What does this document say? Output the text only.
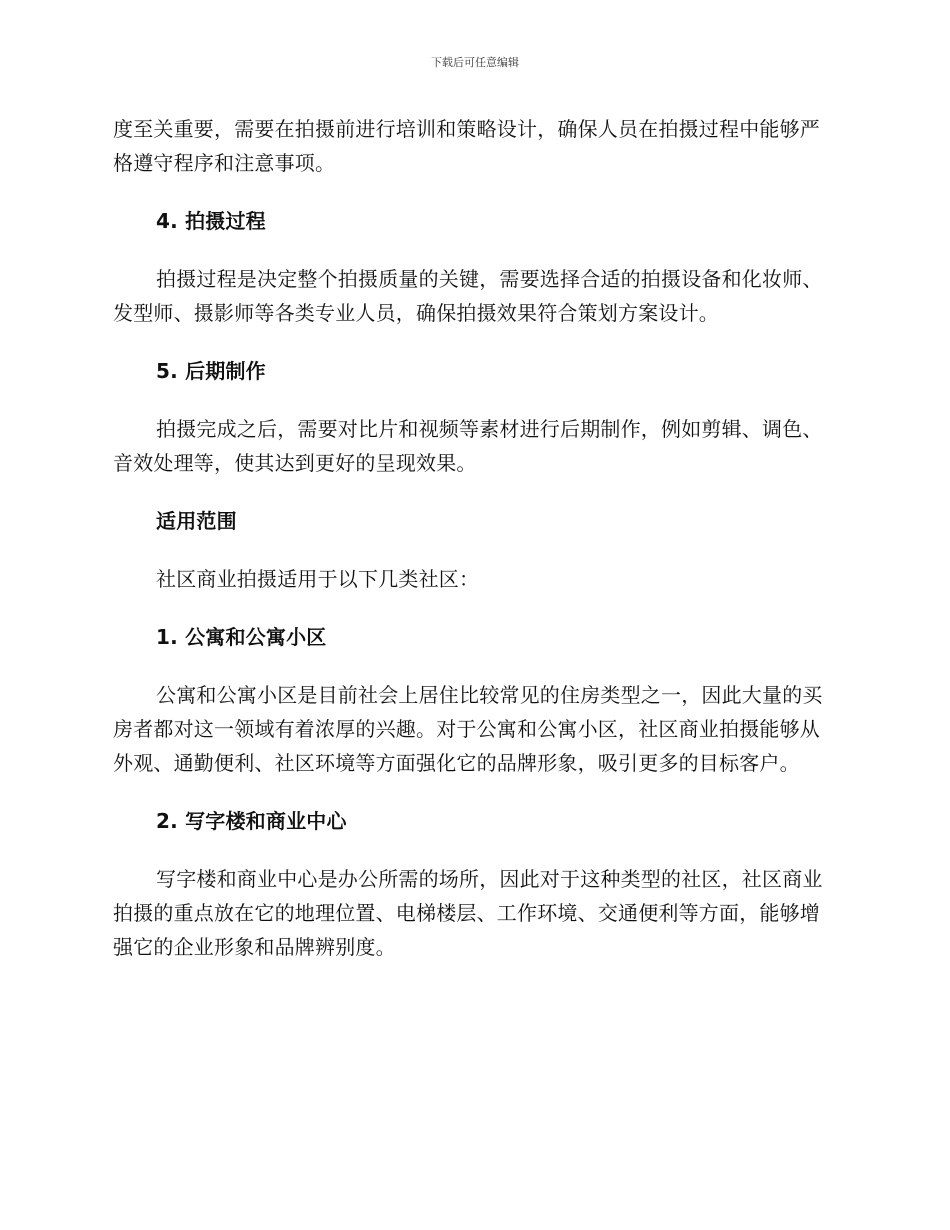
下载后可任意编辑

度至关重要，需要在拍摄前进行培训和策略设计，确保人员在拍摄过程中能够严格遵守程序和注意事项。

4. 拍摄过程

拍摄过程是决定整个拍摄质量的关键，需要选择合适的拍摄设备和化妆师、发型师、摄影师等各类专业人员，确保拍摄效果符合策划方案设计。

5. 后期制作

拍摄完成之后，需要对比片和视频等素材进行后期制作，例如剪辑、调色、音效处理等，使其达到更好的呈现效果。

适用范围

社区商业拍摄适用于以下几类社区：

1. 公寓和公寓小区

公寓和公寓小区是目前社会上居住比较常见的住房类型之一，因此大量的买房者都对这一领域有着浓厚的兴趣。对于公寓和公寓小区，社区商业拍摄能够从外观、通勤便利、社区环境等方面强化它的品牌形象，吸引更多的目标客户。

2. 写字楼和商业中心

写字楼和商业中心是办公所需的场所，因此对于这种类型的社区，社区商业拍摄的重点放在它的地理位置、电梯楼层、工作环境、交通便利等方面，能够增强它的企业形象和品牌辨别度。
